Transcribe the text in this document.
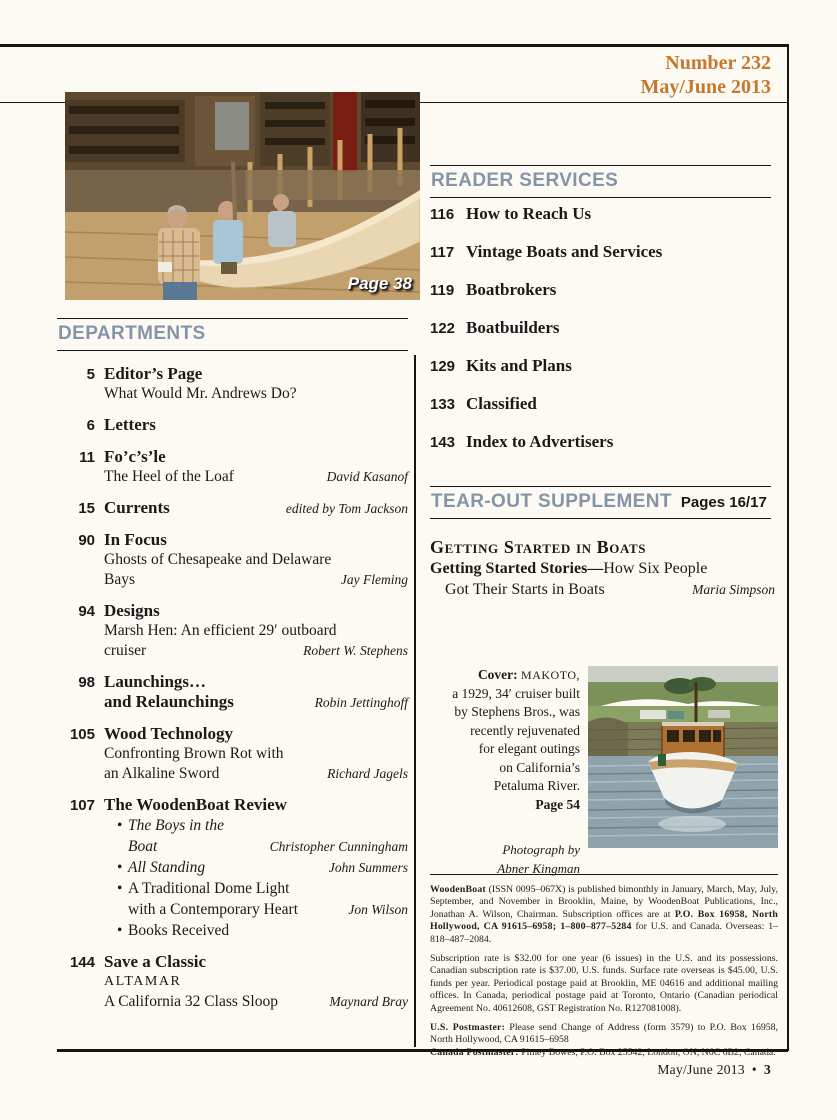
Number 232
May/June 2013
Page 38
DEPARTMENTS
5 Editor’s Page
What Would Mr. Andrews Do?
6 Letters
11 Fo’c’s’le
The Heel of the Loaf	David Kasanof
15 Currents	edited by Tom Jackson
90 In Focus
Ghosts of Chesapeake and Delaware
Bays	Jay Fleming
94 Designs
Marsh Hen: An efficient 29′ outboard
cruiser	Robert W. Stephens
98 Launchings…
and Relaunchings	Robin Jettinghoff
105 Wood Technology
Confronting Brown Rot with
an Alkaline Sword	Richard Jagels
107 The WoodenBoat Review
• The Boys in the
Boat	Christopher Cunningham
• All Standing	John Summers
• A Traditional Dome Light
with a Contemporary Heart	Jon Wilson
• Books Received
144 Save a Classic
ALTAMAR
A California 32 Class Sloop	Maynard Bray
READER SERVICES
116 How to Reach Us
117 Vintage Boats and Services
119 Boatbrokers
122 Boatbuilders
129 Kits and Plans
133 Classified
143 Index to Advertisers
TEAR-OUT SUPPLEMENT Pages 16/17
Getting Started in Boats
Getting Started Stories—How Six People
Got Their Starts in Boats	Maria Simpson
Cover: MAKOTO,
a 1929, 34′ cruiser built
by Stephens Bros., was
recently rejuvenated
for elegant outings
on California’s
Petaluma River.
Page 54
Photograph by
Abner Kingman

WoodenBoat (ISSN 0095–067X) is published bimonthly in January, March, May, July, September, and November in Brooklin, Maine, by WoodenBoat Publications, Inc., Jonathan A. Wilson, Chairman. Subscription offices are at P.O. Box 16958, North Hollywood, CA 91615–6958; 1–800–877–5284 for U.S. and Canada. Overseas: 1–818–487–2084.

Subscription rate is $32.00 for one year (6 issues) in the U.S. and its possessions. Canadian subscription rate is $37.00, U.S. funds. Surface rate overseas is $45.00, U.S. funds per year. Periodical postage paid at Brooklin, ME 04616 and additional mailing offices. In Canada, periodical postage paid at Toronto, Ontario (Canadian periodical Agreement No. 40612608, GST Registration No. R127081008).

U.S. Postmaster: Please send Change of Address (form 3579) to P.O. Box 16958, North Hollywood, CA 91615–6958

Canada Postmaster: Pitney Bowes, P.O. Box 25542, London, ON, N6C 6B2, Canada.

May/June 2013 • 3
